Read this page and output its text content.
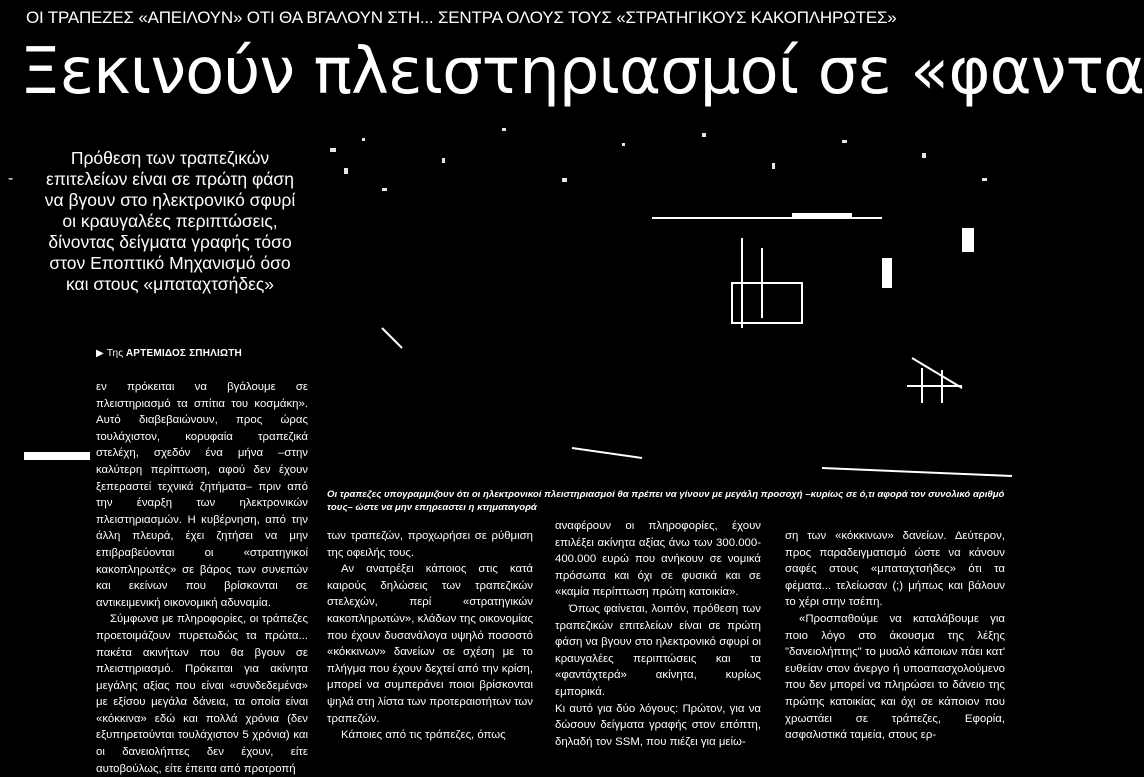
ΟΙ ΤΡΑΠΕΖΕΣ «ΑΠΕΙΛΟΥΝ» ΟΤΙ ΘΑ ΒΓΑΛΟΥΝ ΣΤΗ... ΣΕΝΤΡΑ ΟΛΟΥΣ ΤΟΥΣ «ΣΤΡΑΤΗΓΙΚΟΥΣ ΚΑΚΟΠΛΗΡΩΤΕΣ»
Ξεκινούν πλειστηριασμοί σε «φαντα
-
Πρόθεση των τραπεζικών επιτελείων είναι σε πρώτη φάση να βγουν στο ηλεκτρονικό σφυρί οι κραυγαλέες περιπτώσεις, δίνοντας δείγματα γραφής τόσο στον Εποπτικό Μηχανισμό όσο και στους «μπαταχτσήδες»
▶ Της ΑΡΤΕΜΙΔΟΣ ΣΠΗΛΙΩΤΗ

εν πρόκειται να βγάλουμε σε πλειστηριασμό τα σπίτια του κοσμάκη». Αυτό διαβεβαιώνουν, προς ώρας τουλάχιστον, κορυφαία τραπεζικά στελέχη, σχεδόν ένα μήνα –στην καλύτερη περίπτωση, αφού δεν έχουν ξεπεραστεί τεχνικά ζητήματα– πριν από την έναρξη των ηλεκτρονικών πλειστηριασμών. Η κυβέρνηση, από την άλλη πλευρά, έχει ζητήσει να μην επιβραβεύονται οι «στρατηγικοί κακοπληρωτές» σε βάρος των συνεπών και εκείνων που βρίσκονται σε αντικειμενική οικονομική αδυναμία.

Σύμφωνα με πληροφορίες, οι τράπεζες προετοιμάζουν πυρετωδώς τα πρώτα... πακέτα ακινήτων που θα βγουν σε πλειστηριασμό. Πρόκειται για ακίνητα μεγάλης αξίας που είναι «συνδεδεμένα» με εξίσου μεγάλα δάνεια, τα οποία είναι «κόκκινα» εδώ και πολλά χρόνια (δεν εξυπηρετούνται τουλάχιστον 5 χρόνια) και οι δανειολήπτες δεν έχουν, είτε αυτοβούλως, είτε έπειτα από προτροπή

Οι τραπεζες υπογραμμιζουν ότι οι ηλεκτρονικοί πλειστηριασμοί θα πρέπει να γίνουν με μεγάλη προσοχή –κυρίως σε ό,τι αφορά τον συνολικό αριθμό τους– ώστε να μην επηρεαστει η κτηματαγορά

των τραπεζών, προχωρήσει σε ρύθμιση της οφειλής τους.

Αν ανατρέξει κάποιος στις κατά καιρούς δηλώσεις των τραπεζικών στελεχών, περί «στρατηγικών κακοπληρωτών», κλάδων της οικονομίας που έχουν δυσανάλογα υψηλό ποσοστό «κόκκινων» δανείων σε σχέση με το πλήγμα που έχουν δεχτεί από την κρίση, μπορεί να συμπεράνει ποιοι βρίσκονται ψηλά στη λίστα των προτεραιοτήτων των τραπεζών.

Κάποιες από τις τράπεζες, όπως

αναφέρουν οι πληροφορίες, έχουν επιλέξει ακίνητα αξίας άνω των 300.000-400.000 ευρώ που ανήκουν σε νομικά πρόσωπα και όχι σε φυσικά και σε «καμία περίπτωση πρώτη κατοικία».

Όπως φαίνεται, λοιπόν, πρόθεση των τραπεζικών επιτελείων είναι σε πρώτη φάση να βγουν στο ηλεκτρονικό σφυρί οι κραυγαλέες περιπτώσεις και τα «φαντάχτερά» ακίνητα, κυρίως εμπορικά.

Κι αυτό για δύο λόγους: Πρώτον, για να δώσουν δείγματα γραφής στον επόπτη, δηλαδή τον SSM, που πιέζει για μείω-

ση των «κόκκινων» δανείων. Δεύτερον, προς παραδειγματισμό ώστε να κάνουν σαφές στους «μπαταχτσήδες» ότι τα φέματα... τελείωσαν (;) μήπως και βάλουν το χέρι στην τσέπη.

«Προσπαθούμε να καταλάβουμε για ποιο λόγο στο άκουσμα της λέξης "δανειολήπτης" το μυαλό κάποιων πάει κατ' ευθείαν στον άνεργο ή υποαπασχολούμενο που δεν μπορεί να πληρώσει το δάνειο της πρώτης κατοικίας και όχι σε κάποιον που χρωστάει σε τράπεζες, Εφορία, ασφαλιστικά ταμεία, στους ερ-
